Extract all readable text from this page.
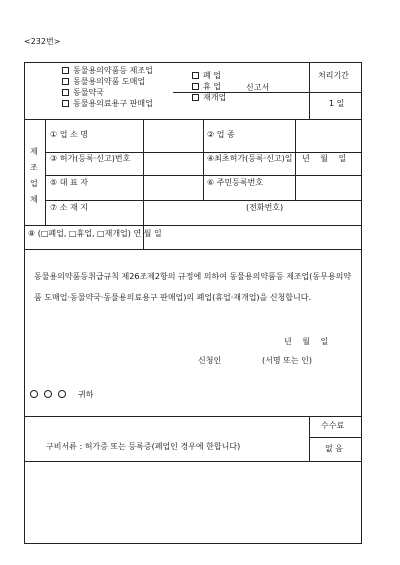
<232번>
동물용의약품등 제조업
동물용의약품 도매업
동물약국
동물용의료용구 판매업
폐 업
휴 업
재개업
신고서
처리기간
1 일
제
조
업
체
① 업 소 명	② 업 종
③ 허가(등록·신고)번호	④최초허가(등록·신고)일 년 월 일
⑤ 대 표 자	⑥ 주민등록번호
⑦ 소 재 지	(전화번호)
⑧ (□폐업, □휴업, □재개업) 연 월 일
동물용의약품등취급규칙 제26조제2항의 규정에 의하여 동물용의약품등 제조업(동무용의약품 도매업·동물약국·동물용의료용구 판매업)의 폐업(휴업·재개업)을 신청합니다.
년 월 일
신청인	(서명 또는 인)
귀하
구비서류 : 허가증 또는 등록증(폐업인 경우에 한합니다)
수수료
없 음
